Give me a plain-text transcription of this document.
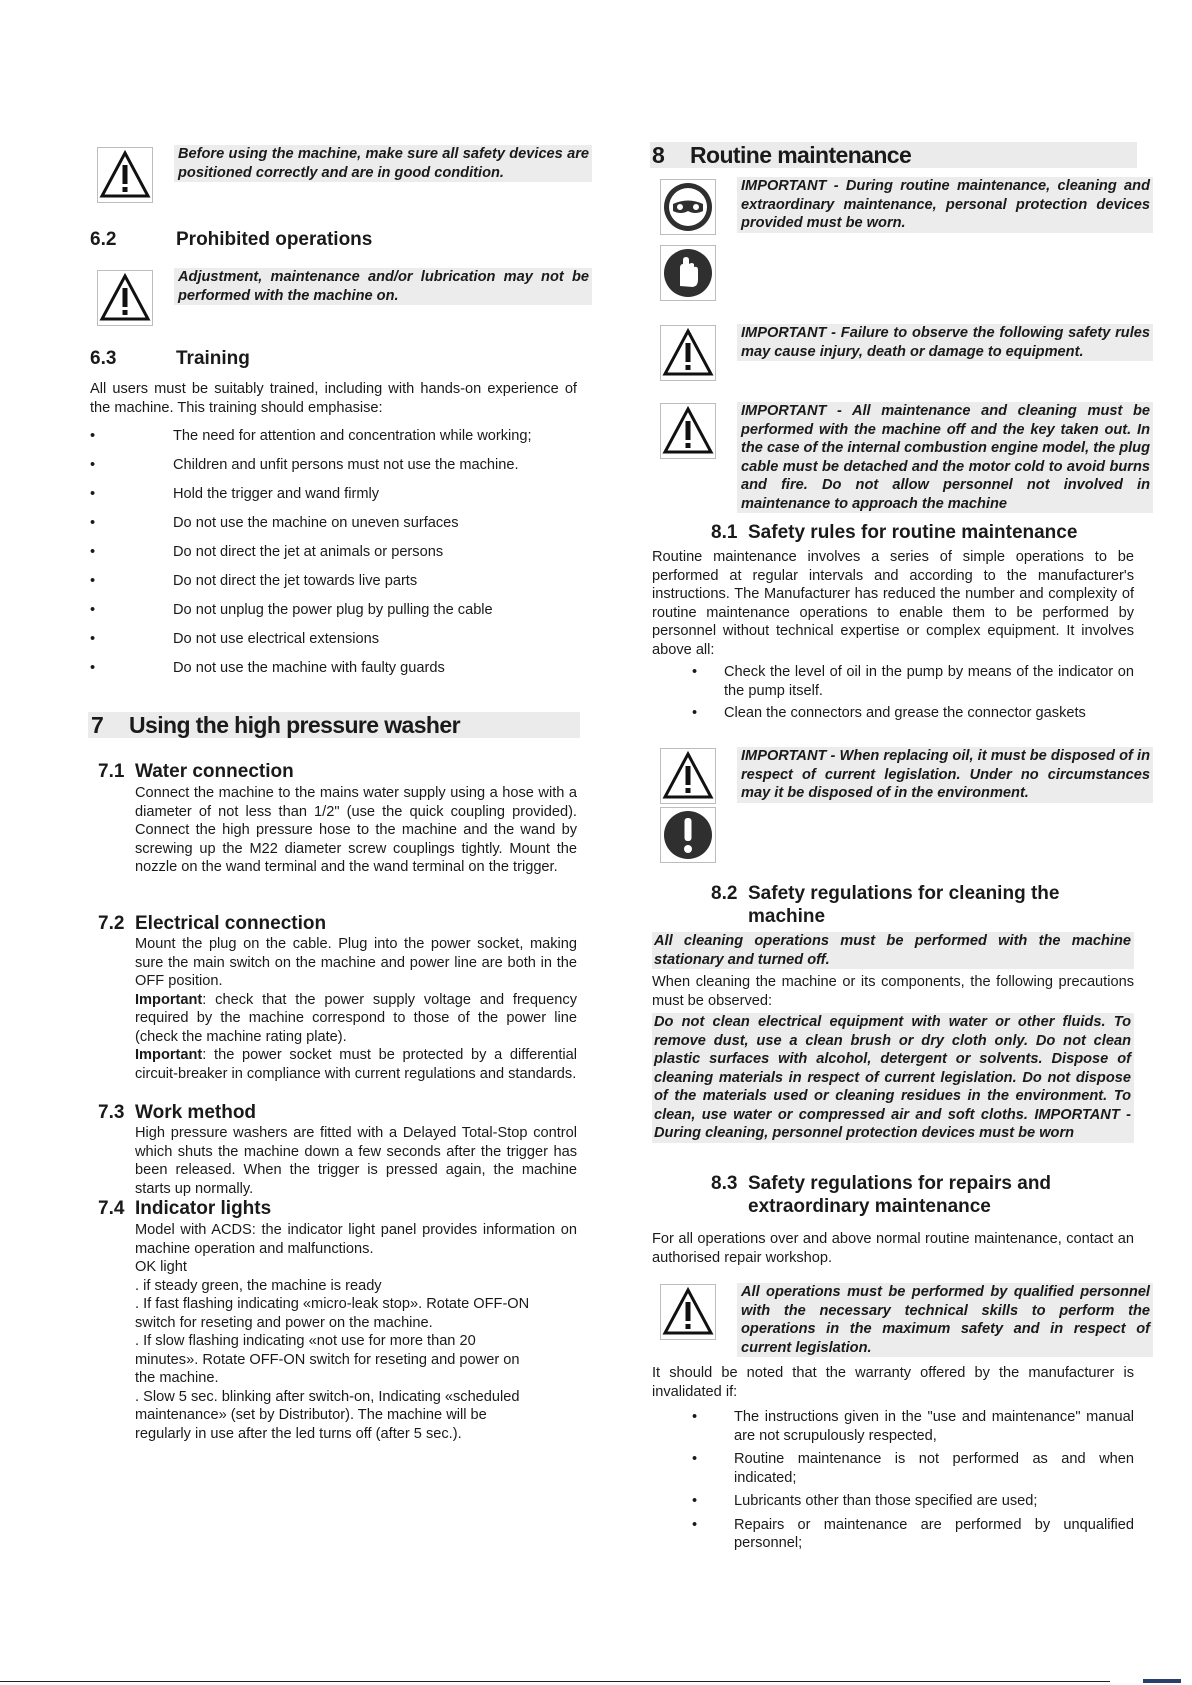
Before using the machine, make sure all safety devices are positioned correctly and are in good condition.
6.2	Prohibited operations
Adjustment, maintenance and/or lubrication may not be performed with the machine on.
6.3	Training

All users must be suitably trained, including with hands-on experience of the machine. This training should emphasise:

•	The need for attention and concentration while working;
•	Children and unfit persons must not use the machine.
•	Hold the trigger and wand firmly
•	Do not use the machine on uneven surfaces
•	Do not direct the jet at animals or persons
•	Do not direct the jet towards live parts
•	Do not unplug the power plug by pulling the cable
•	Do not use electrical extensions
•	Do not use the machine with faulty guards
7 Using the high pressure washer
7.1 Water connection

Connect the machine to the mains water supply using a hose with a diameter of not less than 1/2" (use the quick coupling provided). Connect the high pressure hose to the machine and the wand by screwing up the M22 diameter screw couplings tightly. Mount the nozzle on the wand terminal and the wand terminal on the trigger.

7.2 Electrical connection

Mount the plug on the cable. Plug into the power socket, making sure the main switch on the machine and power line are both in the OFF position.

Important: check that the power supply voltage and frequency required by the machine correspond to those of the power line (check the machine rating plate).

Important: the power socket must be protected by a differential circuit-breaker in compliance with current regulations and standards.

7.3 Work method

High pressure washers are fitted with a Delayed Total-Stop control which shuts the machine down a few seconds after the trigger has been released. When the trigger is pressed again, the machine starts up normally.

7.4 Indicator lights

Model with ACDS: the indicator light panel provides information on machine operation and malfunctions.

OK light

. if steady green, the machine is ready

. If fast flashing indicating «micro-leak stop». Rotate OFF-ON

switch for reseting and power on the machine.

. If slow flashing indicating «not use for more than 20

minutes». Rotate OFF-ON switch for reseting and power on

the machine.

. Slow 5 sec. blinking after switch-on, Indicating «scheduled

maintenance» (set by Distributor). The machine will be

regularly in use after the led turns off (after 5 sec.).

8 Routine maintenance
IMPORTANT - During routine maintenance, cleaning and extraordinary maintenance, personal protection devices provided must be worn.
IMPORTANT - Failure to observe the following safety rules may cause injury, death or damage to equipment.
IMPORTANT - All maintenance and cleaning must be performed with the machine off and the key taken out. In the case of the internal combustion engine model, the plug cable must be detached and the motor cold to avoid burns and fire. Do not allow personnel not involved in maintenance to approach the machine
8.1 Safety rules for routine maintenance

Routine maintenance involves a series of simple operations to be performed at regular intervals and according to the manufacturer's instructions. The Manufacturer has reduced the number and complexity of routine maintenance operations to enable them to be performed by personnel without technical expertise or complex equipment. It involves above all:

• Check the level of oil in the pump by means of the indicator on the pump itself.
• Clean the connectors and grease the connector gaskets
IMPORTANT - When replacing oil, it must be disposed of in respect of current legislation. Under no circumstances may it be disposed of in the environment.
8.2 Safety regulations for cleaning the
machine
All cleaning operations must be performed with the machine stationary and turned off.

When cleaning the machine or its components, the following precautions must be observed:

Do not clean electrical equipment with water or other fluids. To remove dust, use a clean brush or dry cloth only. Do not clean plastic surfaces with alcohol, detergent or solvents. Dispose of cleaning materials in respect of current legislation. Do not dispose of the materials used or cleaning residues in the environment. To clean, use water or compressed air and soft cloths. IMPORTANT - During cleaning, personnel protection devices must be worn
8.3 Safety regulations for repairs and
extraordinary maintenance

For all operations over and above normal routine maintenance, contact an authorised repair workshop.

All operations must be performed by qualified personnel with the necessary technical skills to perform the operations in the maximum safety and in respect of current legislation.

It should be noted that the warranty offered by the manufacturer is invalidated if:

•	The instructions given in the "use and maintenance" manual are not scrupulously respected,
•	Routine maintenance is not performed as and when indicated;
•	Lubricants other than those specified are used;
•	Repairs or maintenance are performed by unqualified personnel;
